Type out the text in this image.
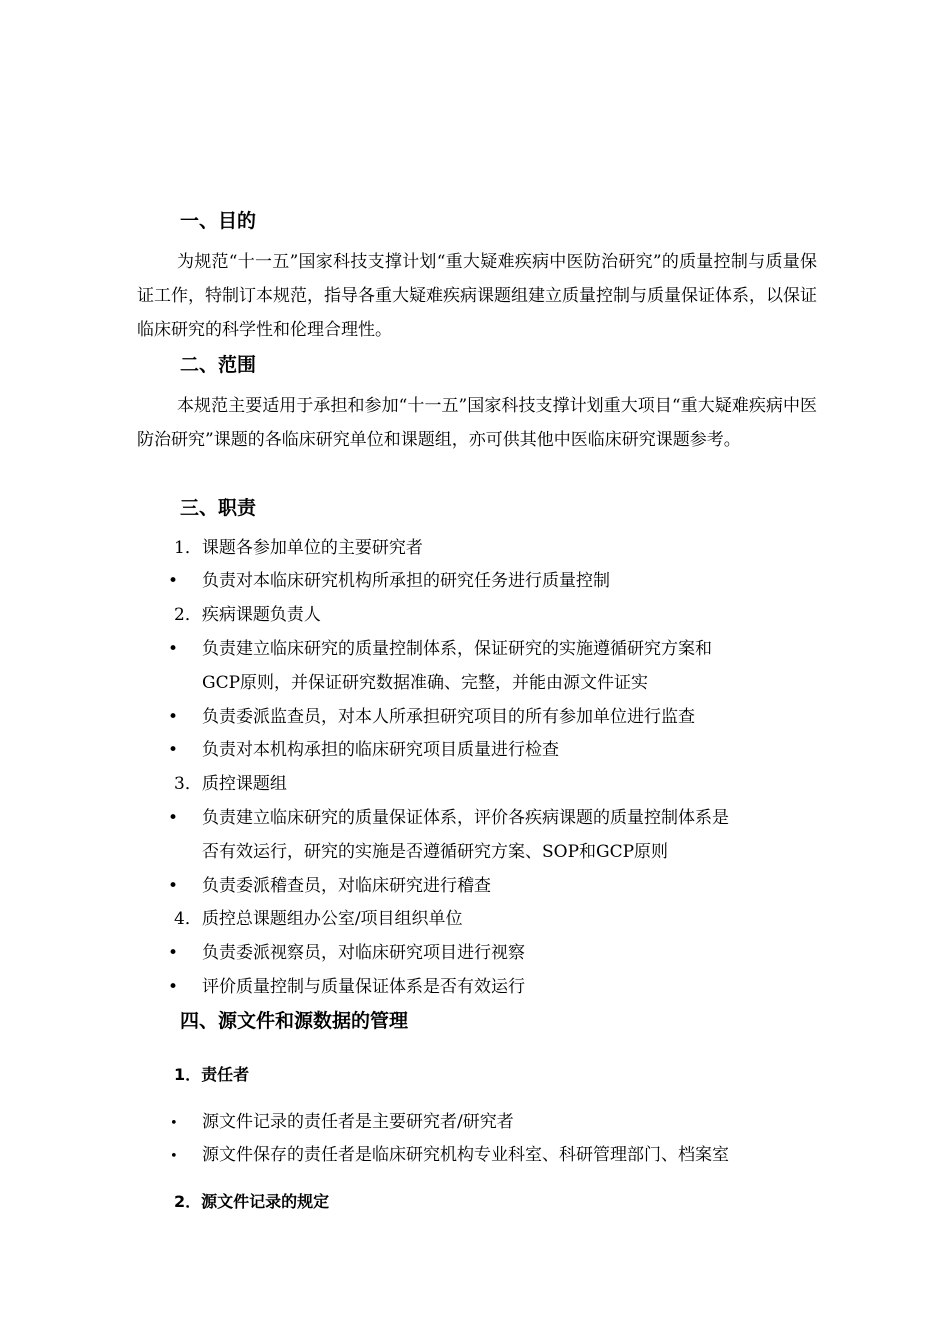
一、目的

为规范“十一五”国家科技支撑计划“重大疑难疾病中医防治研究”的质量控制与质量保证工作，特制订本规范，指导各重大疑难疾病课题组建立质量控制与质量保证体系，以保证临床研究的科学性和伦理合理性。

二、范围

本规范主要适用于承担和参加“十一五”国家科技支撑计划重大项目“重大疑难疾病中医防治研究”课题的各临床研究单位和课题组，亦可供其他中医临床研究课题参考。

三、职责

1．课题各参加单位的主要研究者

• 负责对本临床研究机构所承担的研究任务进行质量控制

2．疾病课题负责人

• 负责建立临床研究的质量控制体系，保证研究的实施遵循研究方案和

GCP原则，并保证研究数据准确、完整，并能由源文件证实

• 负责委派监查员，对本人所承担研究项目的所有参加单位进行监查

• 负责对本机构承担的临床研究项目质量进行检查

3．质控课题组

• 负责建立临床研究的质量保证体系，评价各疾病课题的质量控制体系是

否有效运行，研究的实施是否遵循研究方案、SOP和GCP原则

• 负责委派稽查员，对临床研究进行稽查

4．质控总课题组办公室/项目组织单位

• 负责委派视察员，对临床研究项目进行视察

• 评价质量控制与质量保证体系是否有效运行

四、源文件和源数据的管理

1．责任者

• 源文件记录的责任者是主要研究者/研究者

• 源文件保存的责任者是临床研究机构专业科室、科研管理部门、档案室

2．源文件记录的规定
